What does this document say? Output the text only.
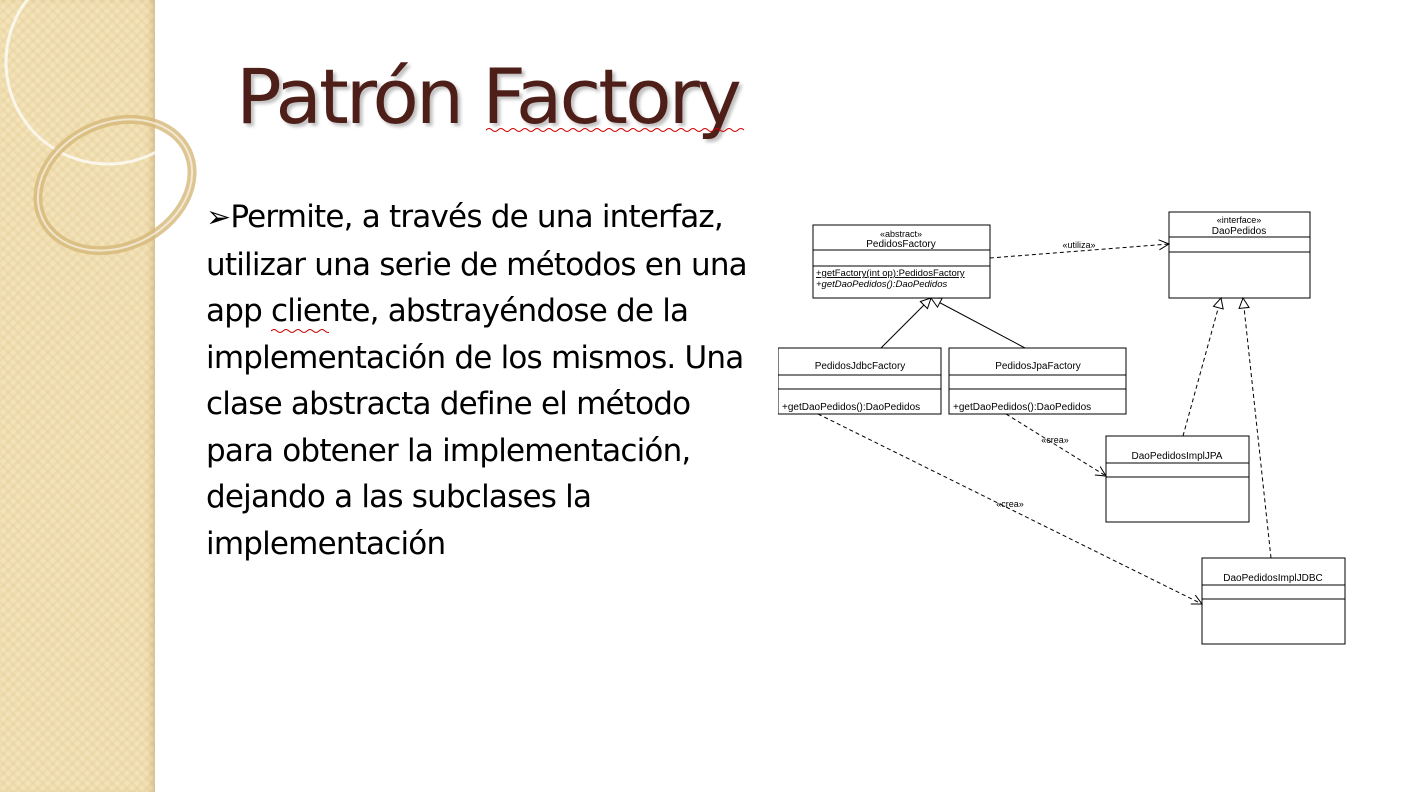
Patrón Factory

➢Permite, a través de una interfaz, utilizar una serie de métodos en una app cliente, abstrayéndose de la implementación de los mismos. Una clase abstracta define el método para obtener la implementación, dejando a las subclases la implementación

«abstract»
PedidosFactory
+getFactory(int op):PedidosFactory
+getDaoPedidos():DaoPedidos
«interface»
DaoPedidos
PedidosJdbcFactory
+getDaoPedidos():DaoPedidos
PedidosJpaFactory
+getDaoPedidos():DaoPedidos
DaoPedidosImplJPA
DaoPedidosImplJDBC
«utiliza»
«crea»
«crea»
